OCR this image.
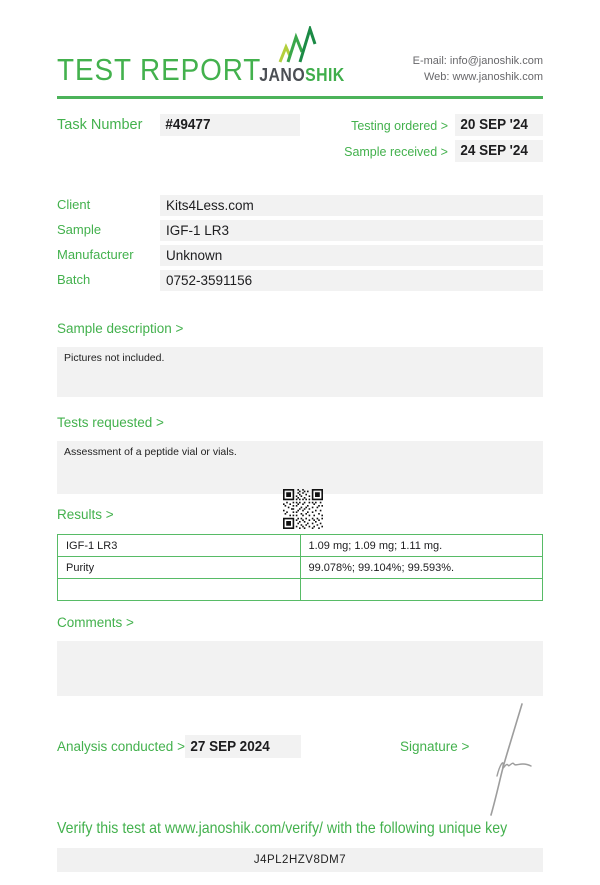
TEST REPORT
JANOSHIK
E-mail: info@janoshik.com
Web: www.janoshik.com
Task Number	#49477	Testing ordered > 20 SEP '24
Sample received > 24 SEP '24
Client	Kits4Less.com
Sample	IGF-1 LR3
Manufacturer	Unknown
Batch	0752-3591156
Sample description >
Pictures not included.
Tests requested >
Assessment of a peptide vial or vials.
Results >
IGF-1 LR3	1.09 mg; 1.09 mg; 1.11 mg.
Purity	99.078%; 99.104%; 99.593%.

Comments >
Analysis conducted > 27 SEP 2024	Signature >
Verify this test at www.janoshik.com/verify/ with the following unique key
J4PL2HZV8DM7
